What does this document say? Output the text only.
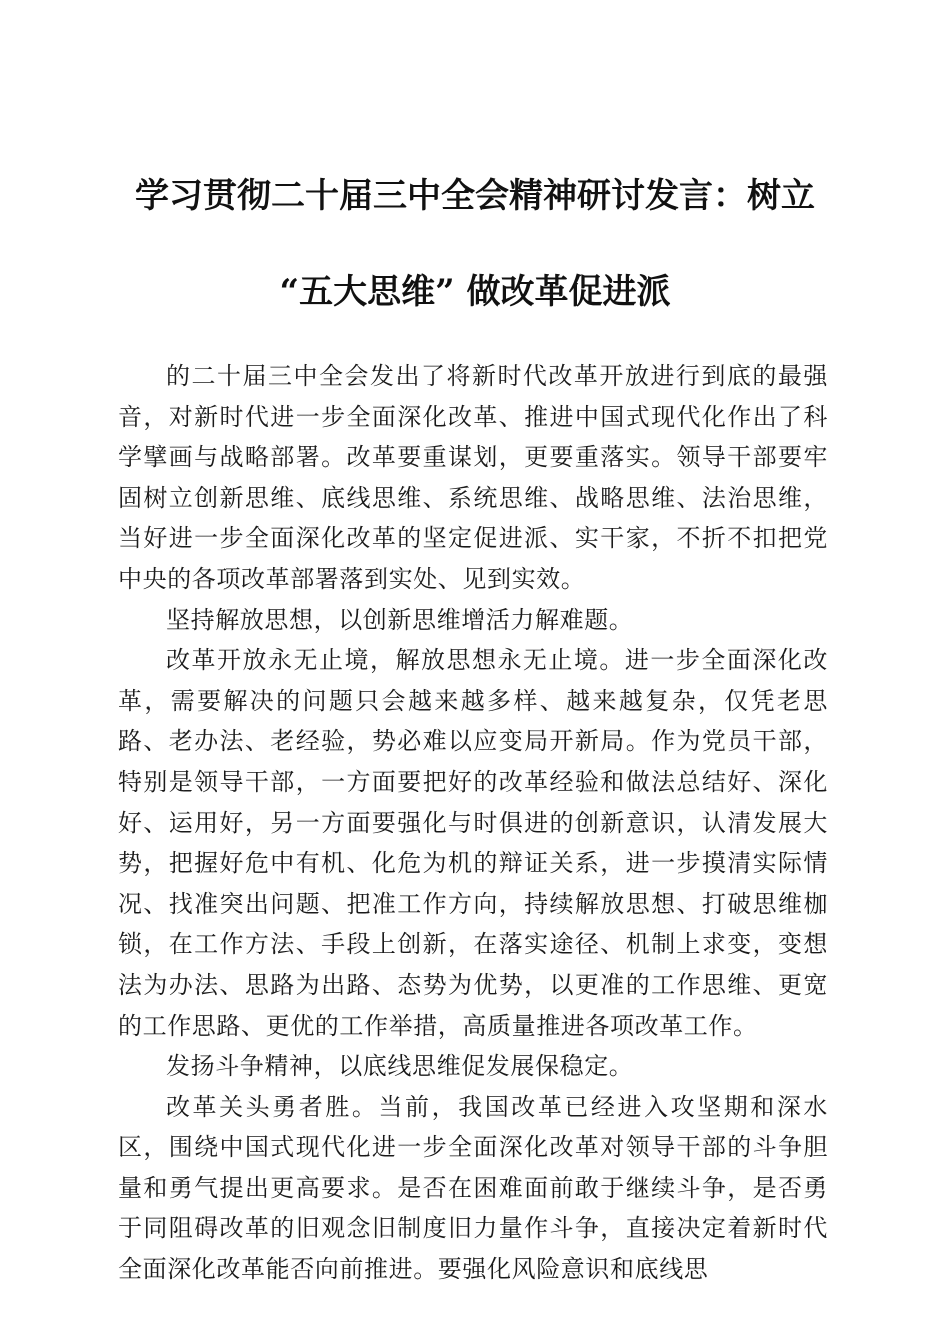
学习贯彻二十届三中全会精神研讨发言：树立
“五大思维” 做改革促进派

的二十届三中全会发出了将新时代改革开放进行到底的最强音，对新时代进一步全面深化改革、推进中国式现代化作出了科学擘画与战略部署。改革要重谋划，更要重落实。领导干部要牢固树立创新思维、底线思维、系统思维、战略思维、法治思维，当好进一步全面深化改革的坚定促进派、实干家，不折不扣把党中央的各项改革部署落到实处、见到实效。

坚持解放思想，以创新思维增活力解难题。

改革开放永无止境，解放思想永无止境。进一步全面深化改革，需要解决的问题只会越来越多样、越来越复杂，仅凭老思路、老办法、老经验，势必难以应变局开新局。作为党员干部，特别是领导干部，一方面要把好的改革经验和做法总结好、深化好、运用好，另一方面要强化与时俱进的创新意识，认清发展大势，把握好危中有机、化危为机的辩证关系，进一步摸清实际情况、找准突出问题、把准工作方向，持续解放思想、打破思维枷锁，在工作方法、手段上创新，在落实途径、机制上求变，变想法为办法、思路为出路、态势为优势，以更准的工作思维、更宽的工作思路、更优的工作举措，高质量推进各项改革工作。

发扬斗争精神，以底线思维促发展保稳定。

改革关头勇者胜。当前，我国改革已经进入攻坚期和深水区，围绕中国式现代化进一步全面深化改革对领导干部的斗争胆量和勇气提出更高要求。是否在困难面前敢于继续斗争，是否勇于同阻碍改革的旧观念旧制度旧力量作斗争，直接决定着新时代全面深化改革能否向前推进。要强化风险意识和底线思
